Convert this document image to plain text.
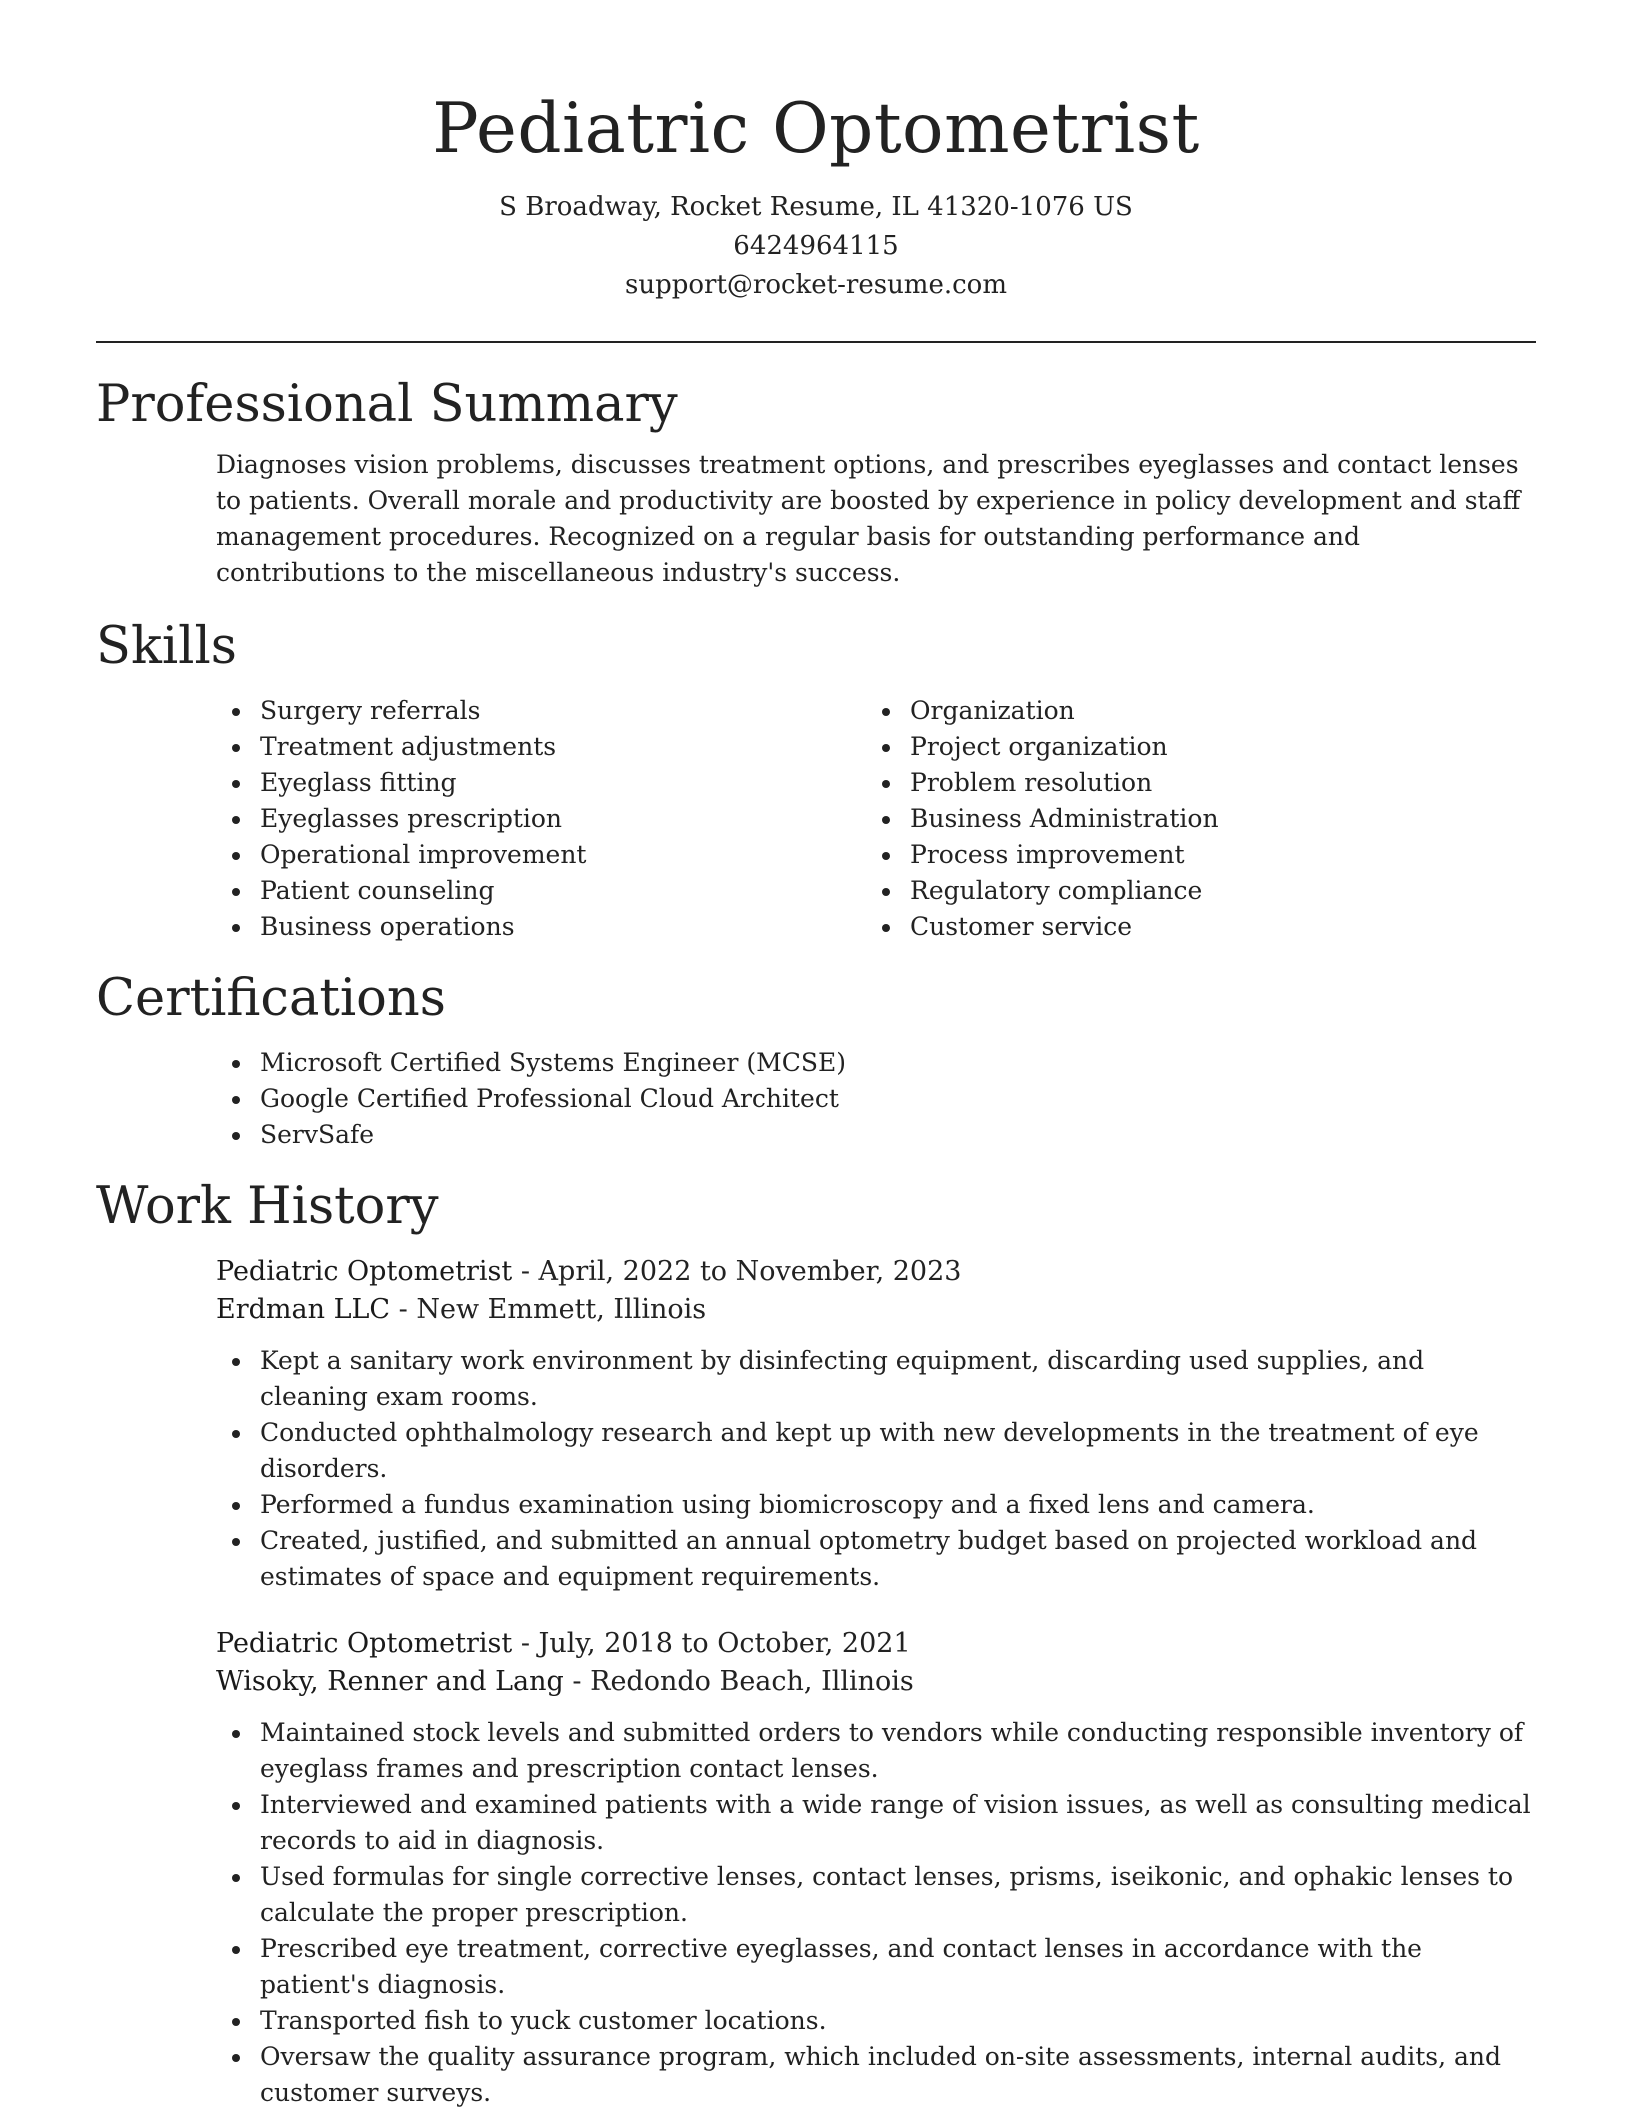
Pediatric Optometrist
S Broadway, Rocket Resume, IL 41320-1076 US
6424964115
support@rocket-resume.com
Professional Summary

Diagnoses vision problems, discusses treatment options, and prescribes eyeglasses and contact lenses to patients. Overall morale and productivity are boosted by experience in policy development and staff management procedures. Recognized on a regular basis for outstanding performance and contributions to the miscellaneous industry's success.

Skills
Surgery referrals
Treatment adjustments
Eyeglass fitting
Eyeglasses prescription
Operational improvement
Patient counseling
Business operations
Organization
Project organization
Problem resolution
Business Administration
Process improvement
Regulatory compliance
Customer service
Certifications
Microsoft Certified Systems Engineer (MCSE)
Google Certified Professional Cloud Architect
ServSafe
Work History
Pediatric Optometrist - April, 2022 to November, 2023
Erdman LLC - New Emmett, Illinois
Kept a sanitary work environment by disinfecting equipment, discarding used supplies, and cleaning exam rooms.
Conducted ophthalmology research and kept up with new developments in the treatment of eye disorders.
Performed a fundus examination using biomicroscopy and a fixed lens and camera.
Created, justified, and submitted an annual optometry budget based on projected workload and estimates of space and equipment requirements.
Pediatric Optometrist - July, 2018 to October, 2021
Wisoky, Renner and Lang - Redondo Beach, Illinois
Maintained stock levels and submitted orders to vendors while conducting responsible inventory of eyeglass frames and prescription contact lenses.
Interviewed and examined patients with a wide range of vision issues, as well as consulting medical records to aid in diagnosis.
Used formulas for single corrective lenses, contact lenses, prisms, iseikonic, and ophakic lenses to calculate the proper prescription.
Prescribed eye treatment, corrective eyeglasses, and contact lenses in accordance with the patient's diagnosis.
Transported fish to yuck customer locations.
Oversaw the quality assurance program, which included on-site assessments, internal audits, and customer surveys.
